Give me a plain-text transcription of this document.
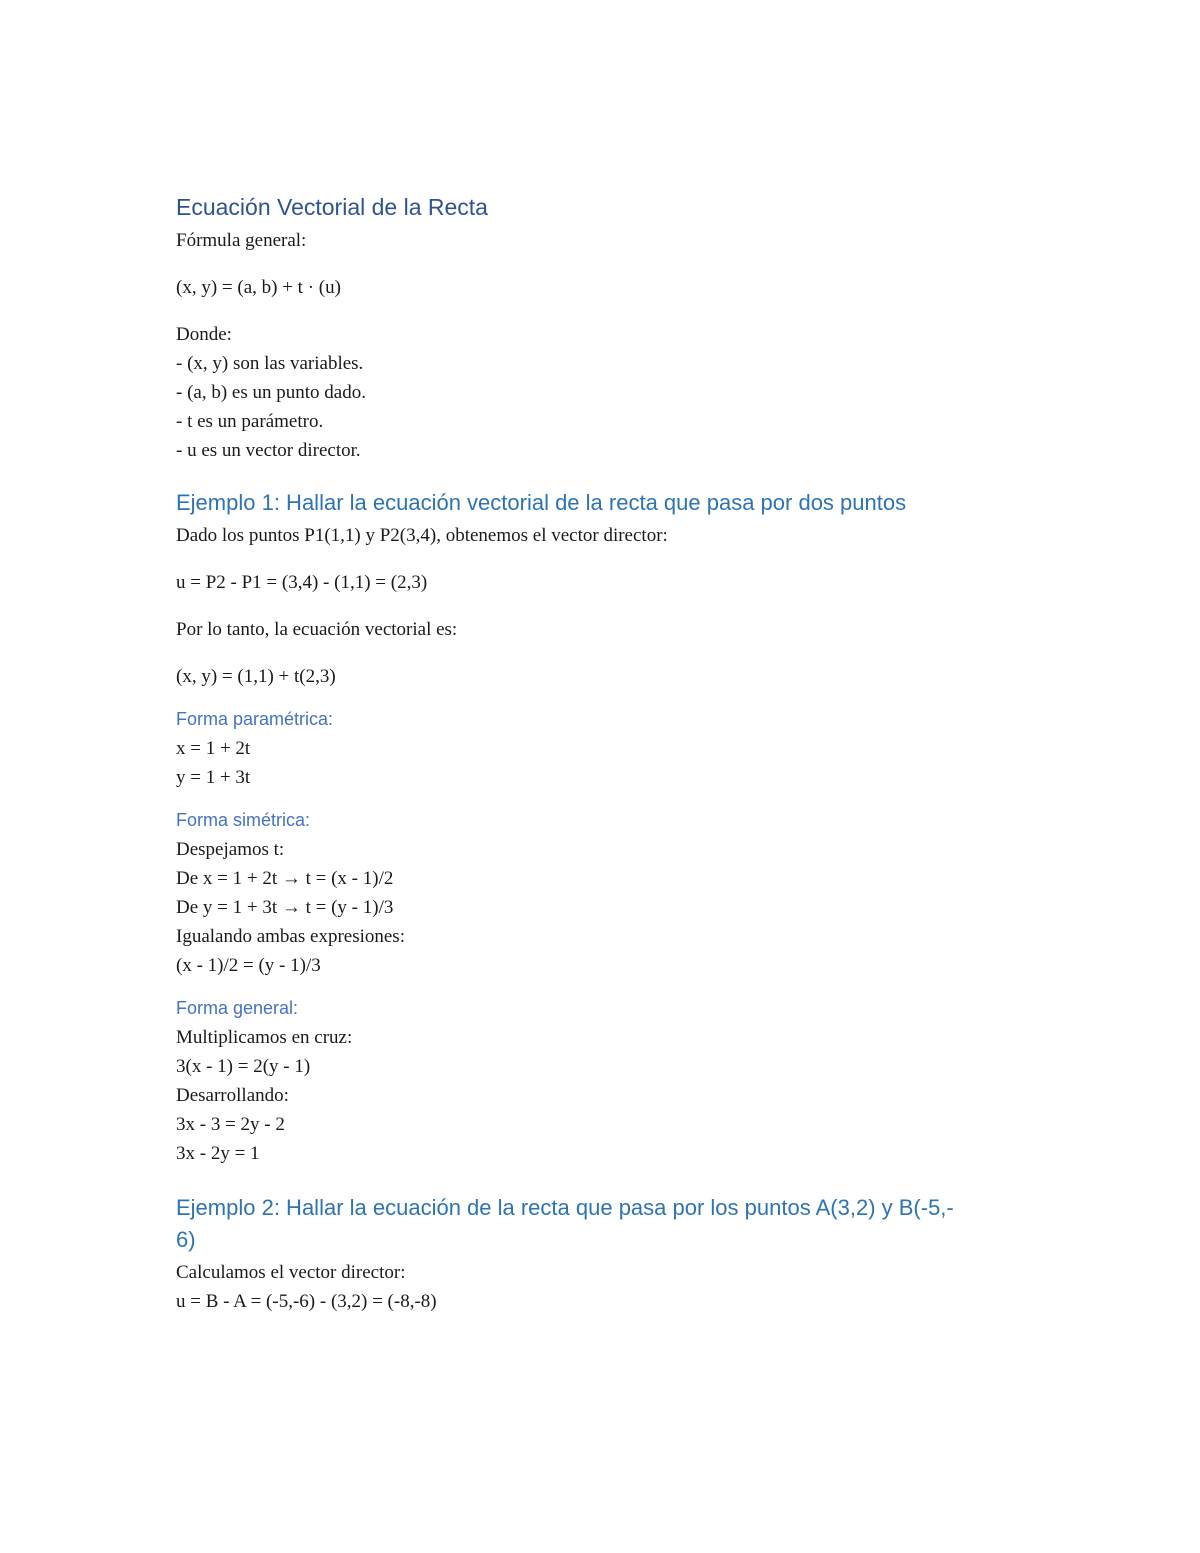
Ecuación Vectorial de la Recta

Fórmula general:

(x, y) = (a, b) + t · (u)

Donde:

- (x, y) son las variables.

- (a, b) es un punto dado.

- t es un parámetro.

- u es un vector director.

Ejemplo 1: Hallar la ecuación vectorial de la recta que pasa por dos puntos

Dado los puntos P1(1,1) y P2(3,4), obtenemos el vector director:

u = P2 - P1 = (3,4) - (1,1) = (2,3)

Por lo tanto, la ecuación vectorial es:

(x, y) = (1,1) + t(2,3)

Forma paramétrica:

x = 1 + 2t

y = 1 + 3t

Forma simétrica:

Despejamos t:

De x = 1 + 2t → t = (x - 1)/2

De y = 1 + 3t → t = (y - 1)/3

Igualando ambas expresiones:

(x - 1)/2 = (y - 1)/3

Forma general:

Multiplicamos en cruz:

3(x - 1) = 2(y - 1)

Desarrollando:

3x - 3 = 2y - 2

3x - 2y = 1

Ejemplo 2: Hallar la ecuación de la recta que pasa por los puntos A(3,2) y B(-5,-
6)

Calculamos el vector director:

u = B - A = (-5,-6) - (3,2) = (-8,-8)
